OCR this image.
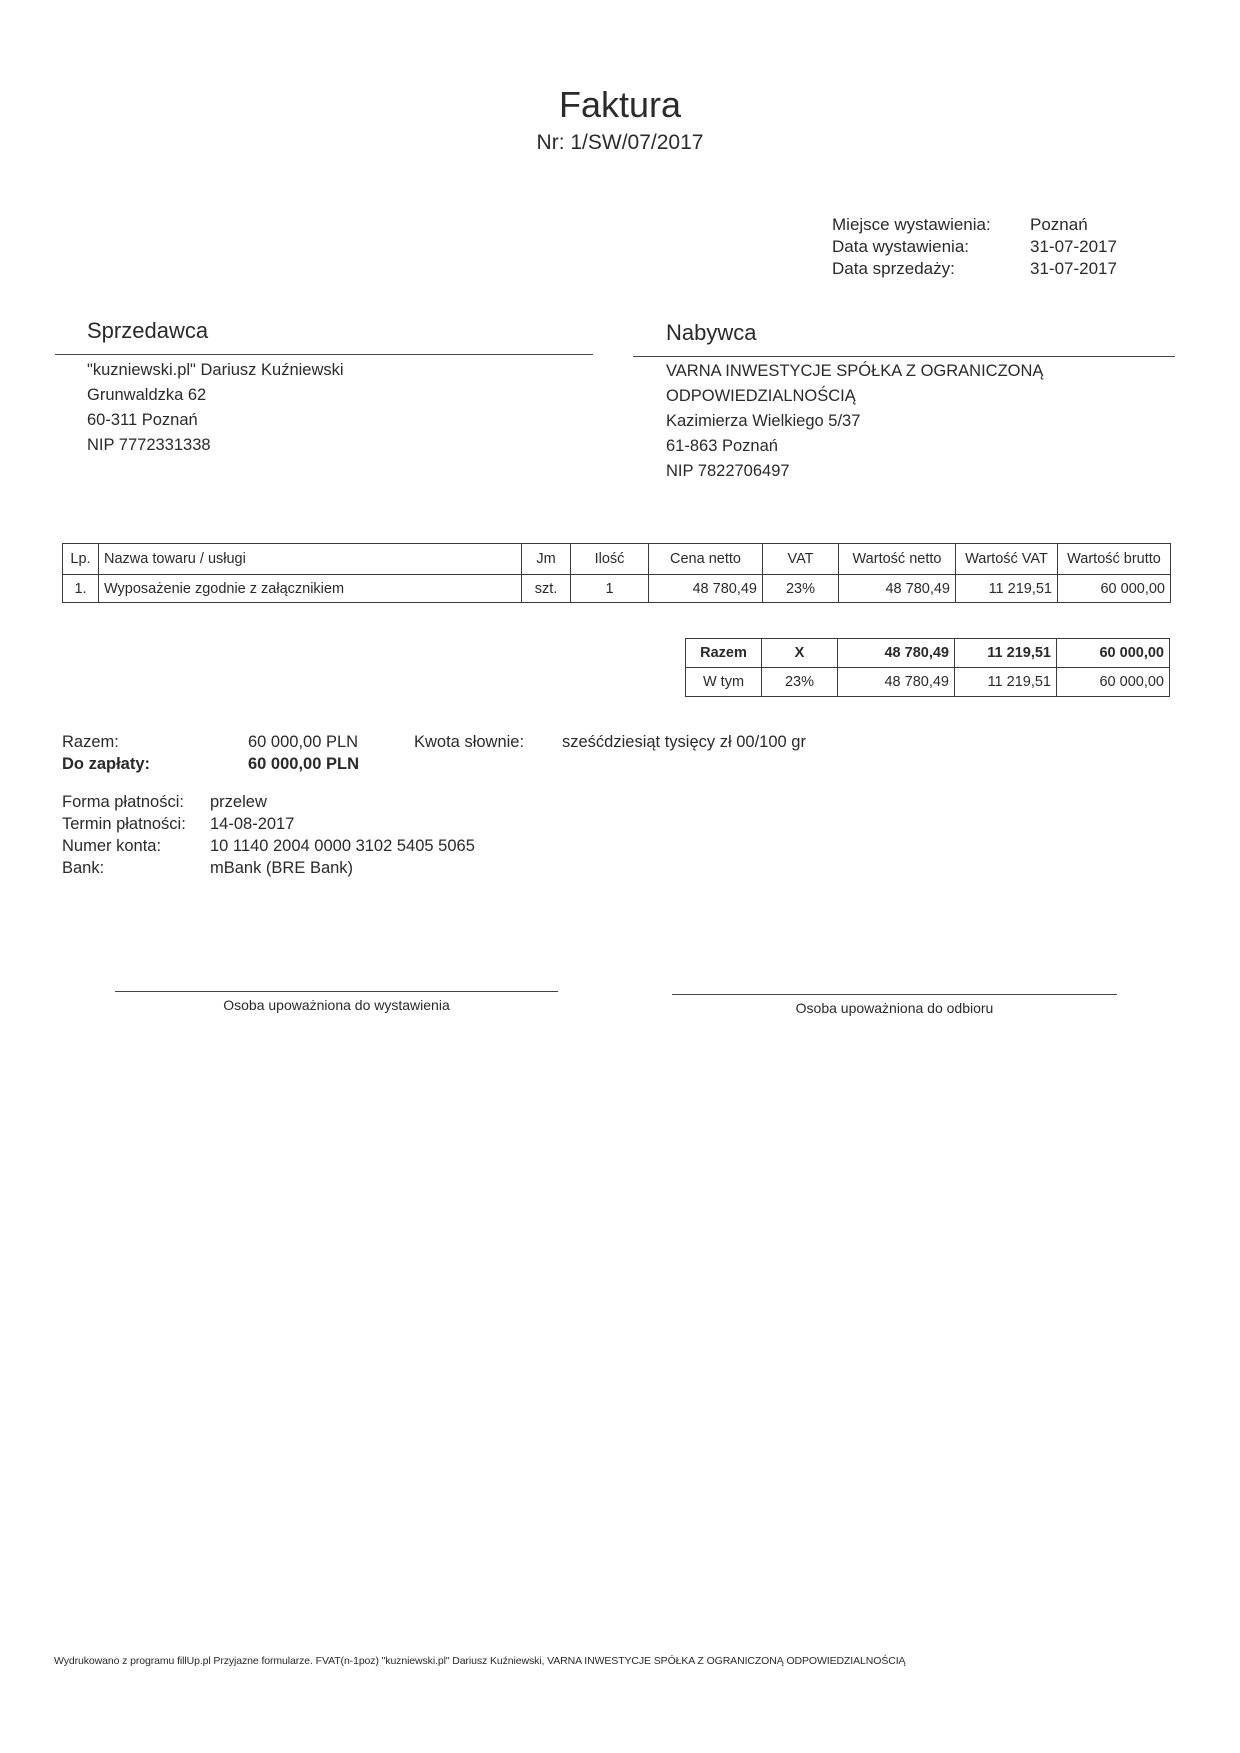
Faktura
Nr: 1/SW/07/2017
Miejsce wystawienia:	Poznań
Data wystawienia:	31-07-2017
Data sprzedaży:	31-07-2017
Sprzedawca
"kuzniewski.pl" Dariusz Kuźniewski
Grunwaldzka 62
60-311 Poznań
NIP 7772331338
Nabywca
VARNA INWESTYCJE SPÓŁKA Z OGRANICZONĄ
ODPOWIEDZIALNOŚCIĄ
Kazimierza Wielkiego 5/37
61-863 Poznań
NIP 7822706497
Lp.	Nazwa towaru / usługi	Jm	Ilość	Cena netto	VAT	Wartość netto	Wartość VAT	Wartość brutto
1.	Wyposażenie zgodnie z załącznikiem	szt.	1	48 780,49	23%	48 780,49	11 219,51	60 000,00
Razem	X	48 780,49	11 219,51	60 000,00
W tym	23%	48 780,49	11 219,51	60 000,00
Razem:	60 000,00 PLN	Kwota słownie: sześćdziesiąt tysięcy zł 00/100 gr
Do zapłaty:	60 000,00 PLN
Forma płatności:	przelew
Termin płatności:	14-08-2017
Numer konta:	10 1140 2004 0000 3102 5405 5065
Bank:	mBank (BRE Bank)
Osoba upoważniona do wystawienia	Osoba upoważniona do odbioru
Wydrukowano z programu fillUp.pl Przyjazne formularze. FVAT(n-1poz) "kuzniewski.pl" Dariusz Kuźniewski, VARNA INWESTYCJE SPÓŁKA Z OGRANICZONĄ ODPOWIEDZIALNOŚCIĄ
